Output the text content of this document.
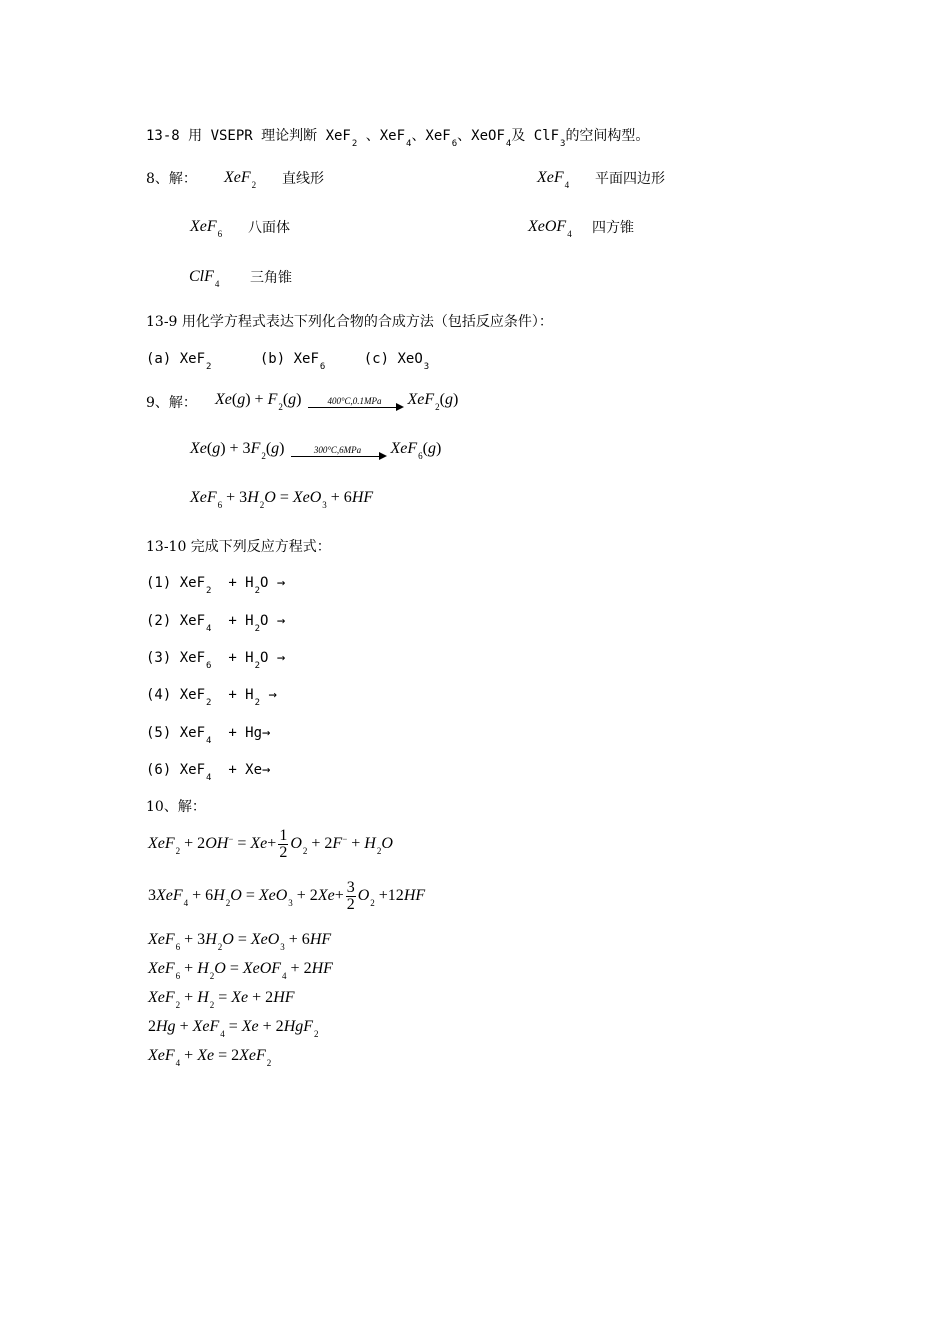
13-8 用 VSEPR 理论判断 XeF$_2$ 、XeF$_4$、XeF$_6$、XeOF$_4$及 ClF$_3$的空间构型。
8、解： XeF$_2$ 直线形	XeF$_4$ 平面四边形
XeF$_6$ 八面体	XeOF$_4$ 四方锥
ClF$_4$ 三角锥
13-9 用化学方程式表达下列化合物的合成方法（包括反应条件）：
(a) XeF$_2$	(b) XeF$_6$	(c) XeO$_3$
9、解： $Xe(g) + F_2(g)$	400°C,0.1MPa	XeF$_2$(g)
$Xe(g) + 3F_2(g)$	300°C,6MPa	XeF$_6$(g)
$XeF_6 + 3H_2O = XeO_3 + 6HF$
13-10 完成下列反应方程式：
(1) $XeF_2 + H_2O$ →
(2) $XeF_4 + H_2O$ →
(3) $XeF_6 + H_2O$ →
(4) $XeF_2 + H_2$ →
(5) XeF$_4$ + Hg→
(6) XeF$_4$ + Xe→
10、解：
$XeF_2 + 2OH^- = Xe+ \frac{1}{2} O_2 + 2F^- + H_2O$
$3XeF_4 + 6H_2O = XeO_3 + 2Xe+ \frac{3}{2} O_2 +12HF$
$XeF_6 + 3H_2O = XeO_3 + 6HF$
$XeF_6 + H_2O$ = XeOF$_4$ + 2HF
$XeF_2 + H_2 = Xe + 2HF$
2Hg + XeF$_4$ = Xe + 2HgF$_2$
XeF$_4$ + Xe = 2XeF$_2$
